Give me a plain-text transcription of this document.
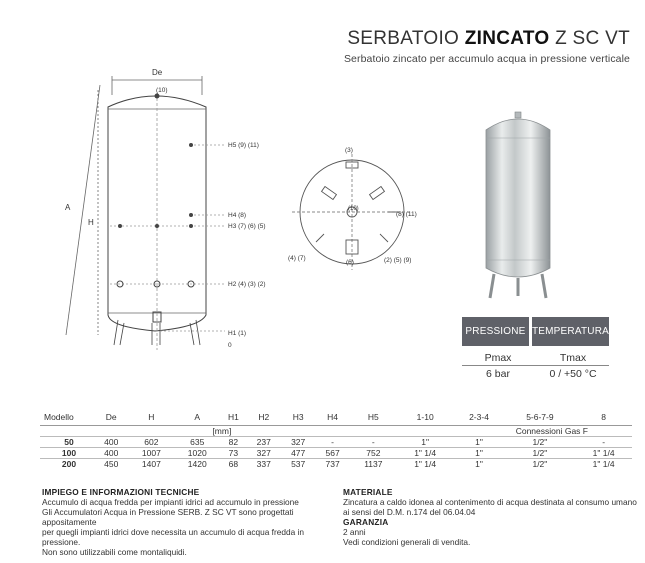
SERBATOIO ZINCATO Z SC VT
Serbatoio zincato per accumulo acqua in pressione verticale
De
A
H
(10)
H5 (9) (11)
H4 (8)
H3 (7) (6) (5)
H2 (4) (3) (2)
H1 (1)
0
(3)
(10)
(8) (11)
(4) (7)	(2) (5) (9)
(6)
PRESSIONE TEMPERATURA
Pmax	Tmax
6 bar	0 / +50 °C
Modello	De	H	A	H1	H2	H3	H4	H5	1-10	2-3-4	5-6-7-9	8
	[mm]							Connessioni Gas F				
50	400	602	635	82	237	327	-	-	1"	1"	1/2"	-
100	400	1007	1020	73	327	477	567	752	1" 1/4	1"	1/2"	1" 1/4
200	450	1407	1420	68	337	537	737	1137	1" 1/4	1"	1/2"	1" 1/4
IMPIEGO E INFORMAZIONI TECNICHE
Accumulo di acqua fredda per impianti idrici ad accumulo in pressione
Gli Accumulatori Acqua in Pressione SERB. Z SC VT sono progettati appositamente
per quegli impianti idrici dove necessita un accumulo di acqua fredda in pressione.
Non sono utilizzabili come montaliquidi.
MATERIALE
Zincatura a caldo idonea al contenimento di acqua destinata al consumo umano
ai sensi del D.M. n.174 del 06.04.04
GARANZIA
2 anni
Vedi condizioni generali di vendita.
